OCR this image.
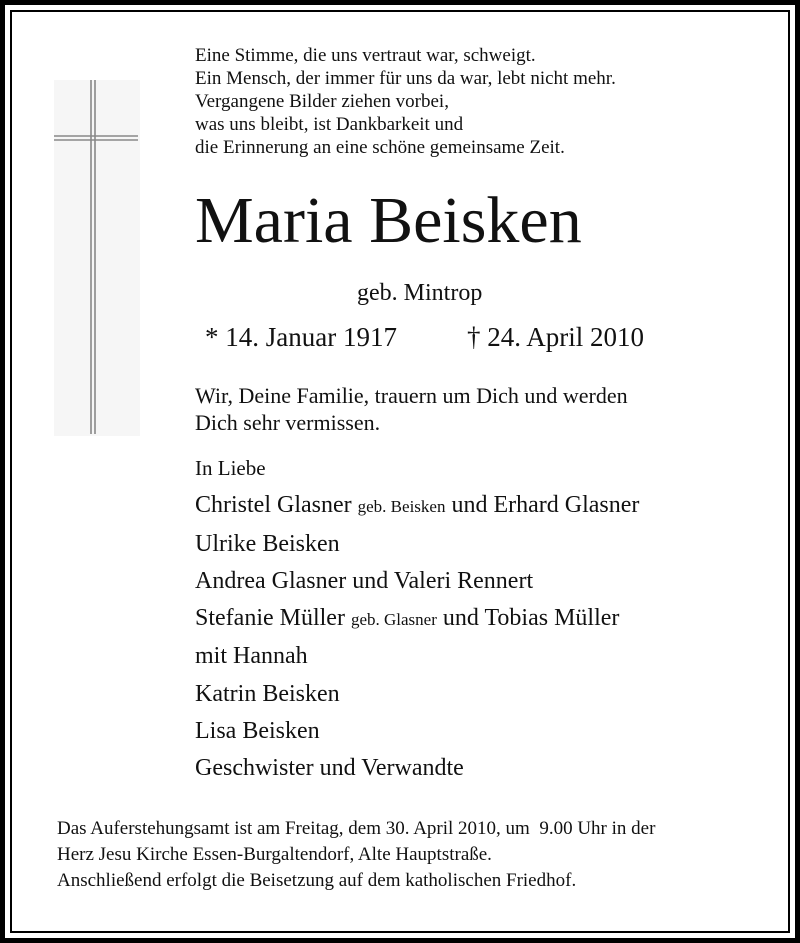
Eine Stimme, die uns vertraut war, schweigt.
Ein Mensch, der immer für uns da war, lebt nicht mehr.
Vergangene Bilder ziehen vorbei,
was uns bleibt, ist Dankbarkeit und
die Erinnerung an eine schöne gemeinsame Zeit.
Maria Beisken
geb. Mintrop
* 14. Januar 1917	† 24. April 2010
Wir, Deine Familie, trauern um Dich und werden
Dich sehr vermissen.
In Liebe
Christel Glasner geb. Beisken und Erhard Glasner
Ulrike Beisken
Andrea Glasner und Valeri Rennert
Stefanie Müller geb. Glasner und Tobias Müller
mit Hannah
Katrin Beisken
Lisa Beisken
Geschwister und Verwandte
Das Auferstehungsamt ist am Freitag, dem 30. April 2010, um  9.00 Uhr in der
Herz Jesu Kirche Essen-Burgaltendorf, Alte Hauptstraße.
Anschließend erfolgt die Beisetzung auf dem katholischen Friedhof.
